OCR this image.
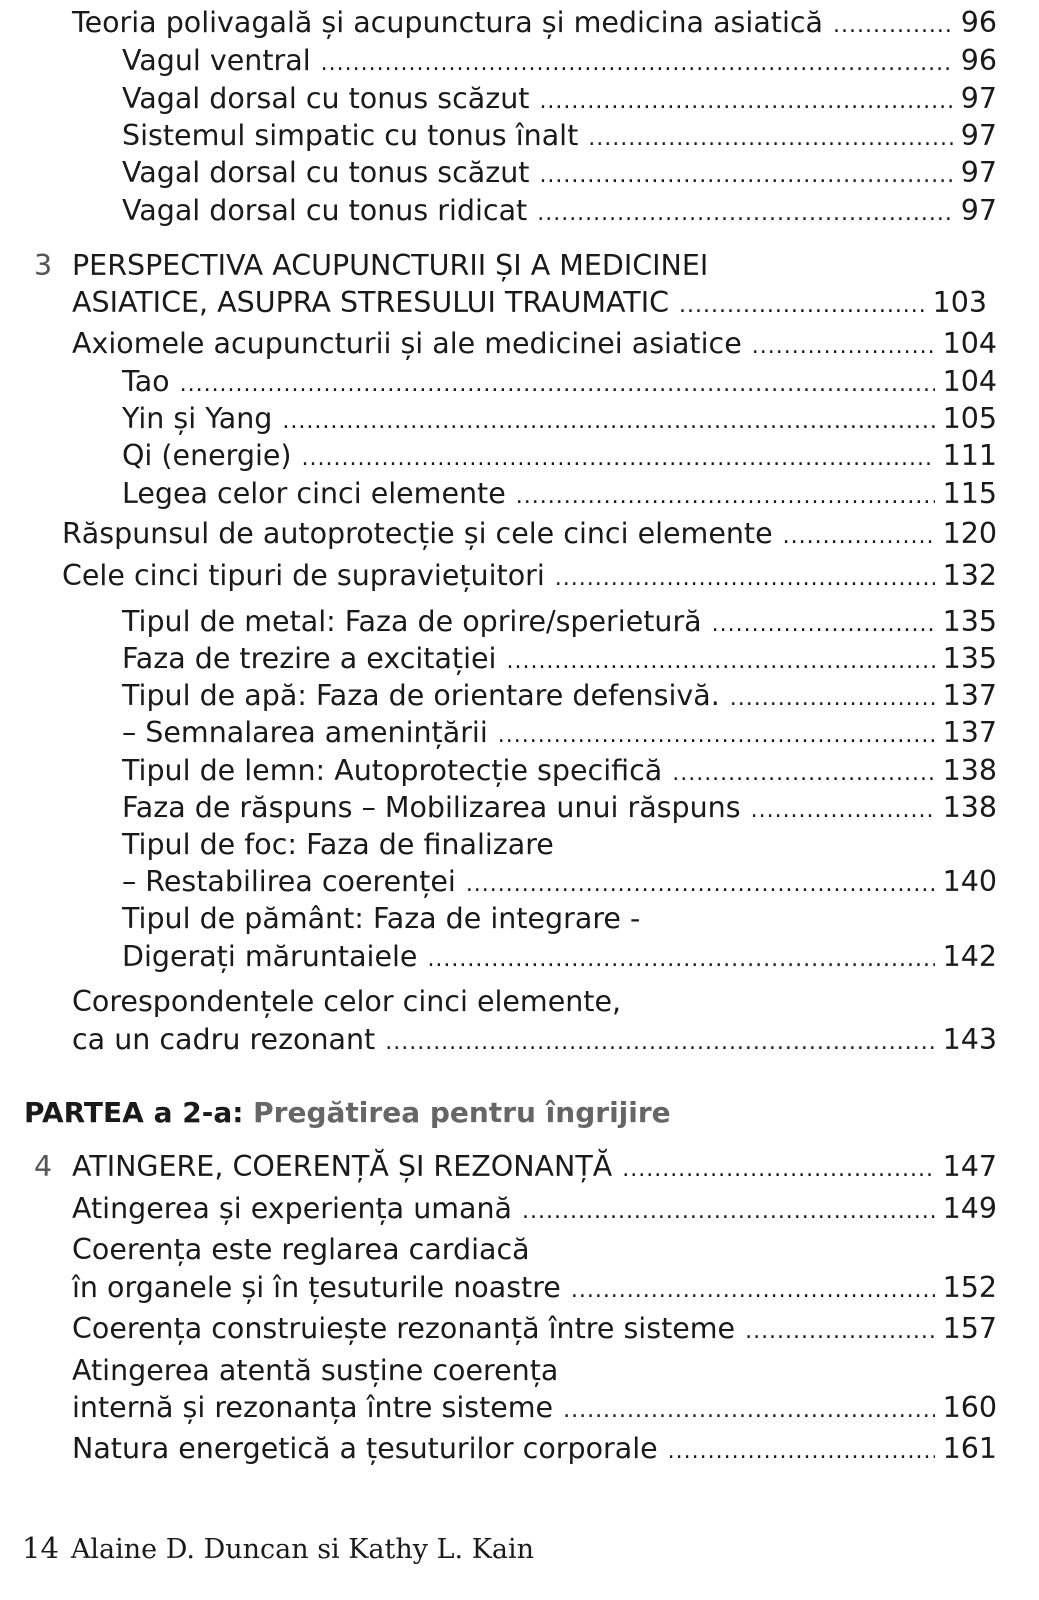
Teoria polivagală și acupunctura și medicina asiatică .....	96
Vagul ventral .....	96
Vagal dorsal cu tonus scăzut .....	97
Sistemul simpatic cu tonus înalt .....	97
Vagal dorsal cu tonus scăzut .....	97
Vagal dorsal cu tonus ridicat .....	97
3 PERSPECTIVA ACUPUNCTURII ȘI A MEDICINEI
ASIATICE, ASUPRA STRESULUI TRAUMATIC .....	103
Axiomele acupuncturii și ale medicinei asiatice .....	104
Tao .....	104
Yin și Yang .....	105
Qi (energie) .....	111
Legea celor cinci elemente .....	115
Răspunsul de autoprotecție și cele cinci elemente .....	120
Cele cinci tipuri de supraviețuitori .....	132
Tipul de metal: Faza de oprire/sperietură .....	135
Faza de trezire a excitației .....	135
Tipul de apă: Faza de orientare defensivă. .....	137
– Semnalarea amenințării .....	137
Tipul de lemn: Autoprotecție specifică .....	138
Faza de răspuns – Mobilizarea unui răspuns .....	138
Tipul de foc: Faza de finalizare
– Restabilirea coerenței .....	140
Tipul de pământ: Faza de integrare -
Digerați măruntaiele .....	142
Corespondențele celor cinci elemente,
ca un cadru rezonant .....	143
PARTEA a 2-a: Pregătirea pentru îngrijire
4 ATINGERE, COERENȚĂ ȘI REZONANȚĂ .....	147
Atingerea și experiența umană .....	149
Coerența este reglarea cardiacă
în organele și în țesuturile noastre .....	152
Coerența construiește rezonanță între sisteme .....	157
Atingerea atentă susține coerența
internă și rezonanța între sisteme .....	160
Natura energetică a țesuturilor corporale .....	161
14 Alaine D. Duncan si Kathy L. Kain
